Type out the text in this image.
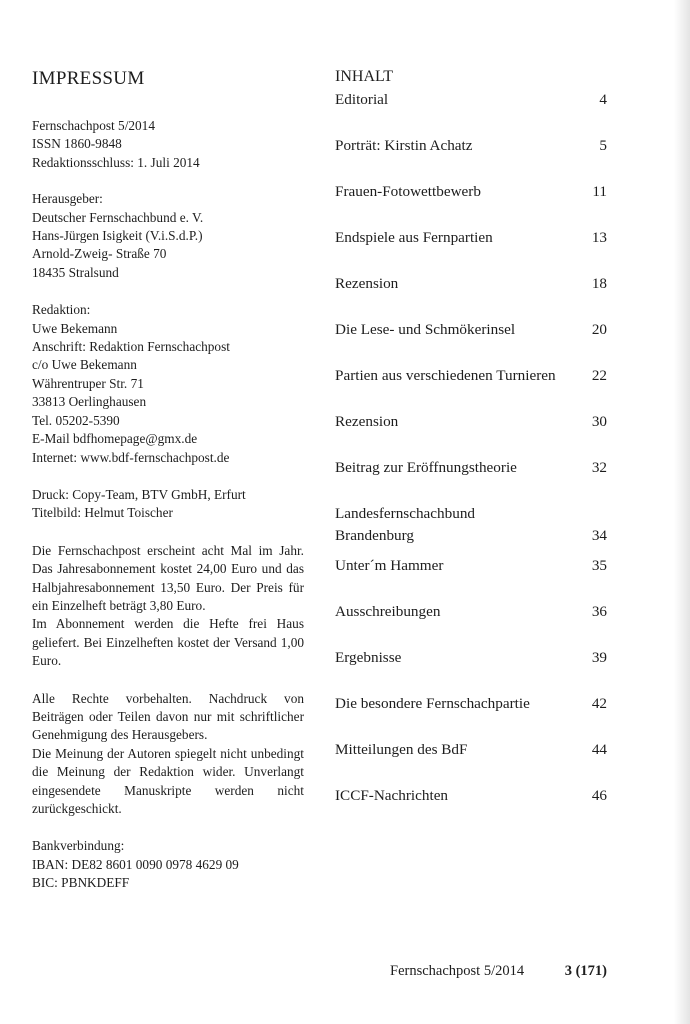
IMPRESSUM
Fernschachpost 5/2014
ISSN 1860-9848
Redaktionsschluss: 1. Juli 2014
Herausgeber:
Deutscher Fernschachbund e. V.
Hans-Jürgen Isigkeit (V.i.S.d.P.)
Arnold-Zweig- Straße 70
18435 Stralsund
Redaktion:
Uwe Bekemann
Anschrift: Redaktion Fernschachpost
c/o Uwe Bekemann
Währentruper Str. 71
33813 Oerlinghausen
Tel. 05202-5390
E-Mail bdfhomepage@gmx.de
Internet: www.bdf-fernschachpost.de
Druck: Copy-Team, BTV GmbH, Erfurt
Titelbild: Helmut Toischer

Die Fernschachpost erscheint acht Mal im Jahr. Das Jahresabonnement kostet 24,00 Euro und das Halbjahresabonnement 13,50 Euro. Der Preis für ein Einzelheft beträgt 3,80 Euro.

Im Abonnement werden die Hefte frei Haus geliefert. Bei Einzelheften kostet der Versand 1,00 Euro.

Alle Rechte vorbehalten. Nachdruck von Beiträgen oder Teilen davon nur mit schriftlicher Genehmigung des Herausgebers.

Die Meinung der Autoren spiegelt nicht unbedingt die Meinung der Redaktion wider. Unverlangt eingesendete Manuskripte werden nicht zurückgeschickt.

Bankverbindung:
IBAN: DE82 8601 0090 0978 4629 09
BIC: PBNKDEFF
INHALT
Editorial	4
Porträt: Kirstin Achatz	5
Frauen-Fotowettbewerb	11
Endspiele aus Fernpartien	13
Rezension	18
Die Lese- und Schmökerinsel	20
Partien aus verschiedenen Turnieren	22
Rezension	30
Beitrag zur Eröffnungstheorie	32
Landesfernschachbund Brandenburg	34
Unter´m Hammer	35
Ausschreibungen	36
Ergebnisse	39
Die besondere Fernschachpartie	42
Mitteilungen des BdF	44
ICCF-Nachrichten	46
Fernschachpost 5/2014	3 (171)
